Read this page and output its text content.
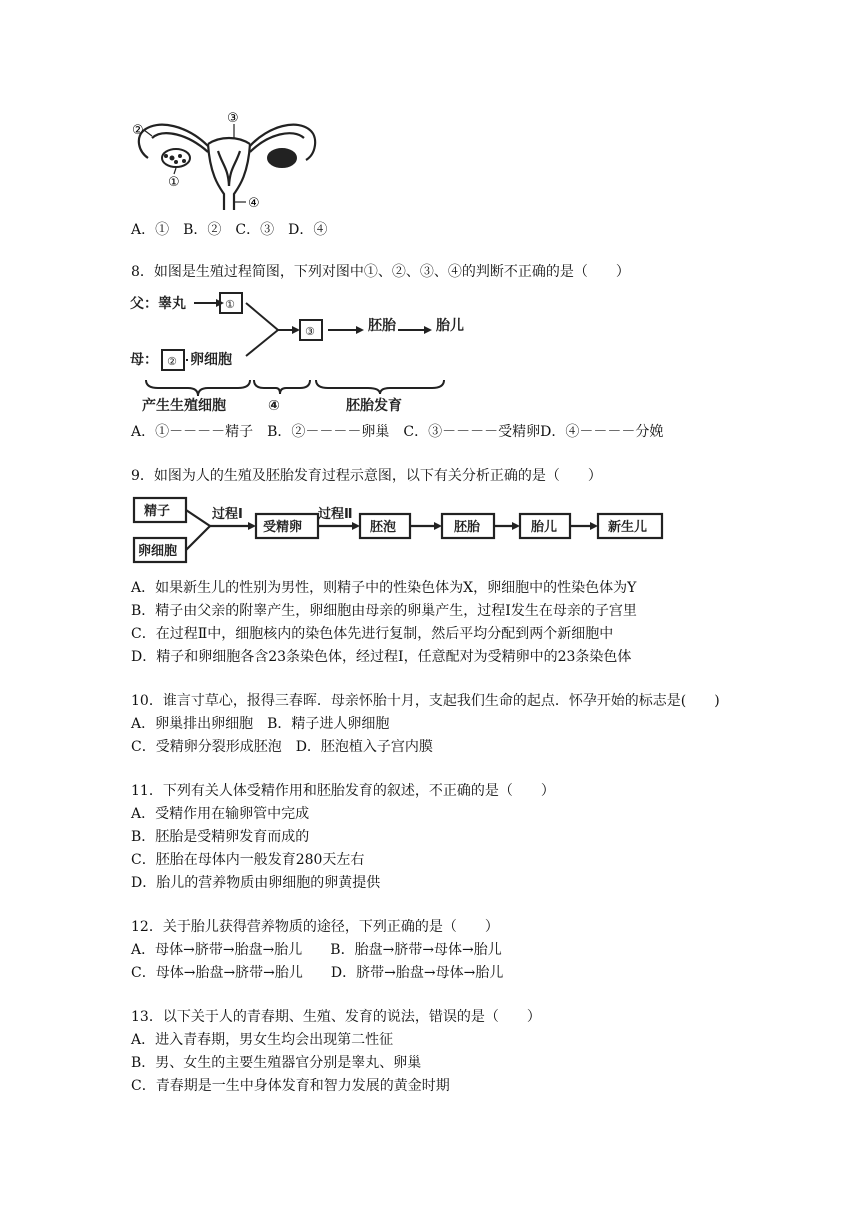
②
①
③
④
A．①　B．②　C．③　D．④
8．如图是生殖过程简图，下列对图中①、②、③、④的判断不正确的是（　　）
父：睾丸
母： 卵细胞
胚胎	胎儿
产生生殖细胞	④	胚胎发育
①
②
③
A．①－－－－精子　B．②－－－－卵巢　C．③－－－－受精卵D．④－－－－分娩
9．如图为人的生殖及胚胎发育过程示意图，以下有关分析正确的是（　　）
精子
卵细胞
过程Ⅰ
受精卵
过程Ⅱ
胚泡	胚胎	胎儿	新生儿
A．如果新生儿的性别为男性，则精子中的性染色体为X，卵细胞中的性染色体为Y
B．精子由父亲的附睾产生，卵细胞由母亲的卵巢产生，过程Ⅰ发生在母亲的子宫里
C．在过程Ⅱ中，细胞核内的染色体先进行复制，然后平均分配到两个新细胞中
D．精子和卵细胞各含23条染色体，经过程Ⅰ，任意配对为受精卵中的23条染色体
10．谁言寸草心，报得三春晖．母亲怀胎十月，支起我们生命的起点．怀孕开始的标志是(　　)
A．卵巢排出卵细胞　B．精子进人卵细胞
C．受精卵分裂形成胚泡　D．胚泡植入子宫内膜
11．下列有关人体受精作用和胚胎发育的叙述，不正确的是（　　）
A．受精作用在输卵管中完成
B．胚胎是受精卵发育而成的
C．胚胎在母体内一般发育280天左右
D．胎儿的营养物质由卵细胞的卵黄提供
12．关于胎儿获得营养物质的途径，下列正确的是（　　）
A．母体→脐带→胎盘→胎儿　　B．胎盘→脐带→母体→胎儿
C．母体→胎盘→脐带→胎儿　　D．脐带→胎盘→母体→胎儿
13．以下关于人的青春期、生殖、发育的说法，错误的是（　　）
A．进入青春期，男女生均会出现第二性征
B．男、女生的主要生殖器官分别是睾丸、卵巢
C．青春期是一生中身体发育和智力发展的黄金时期
